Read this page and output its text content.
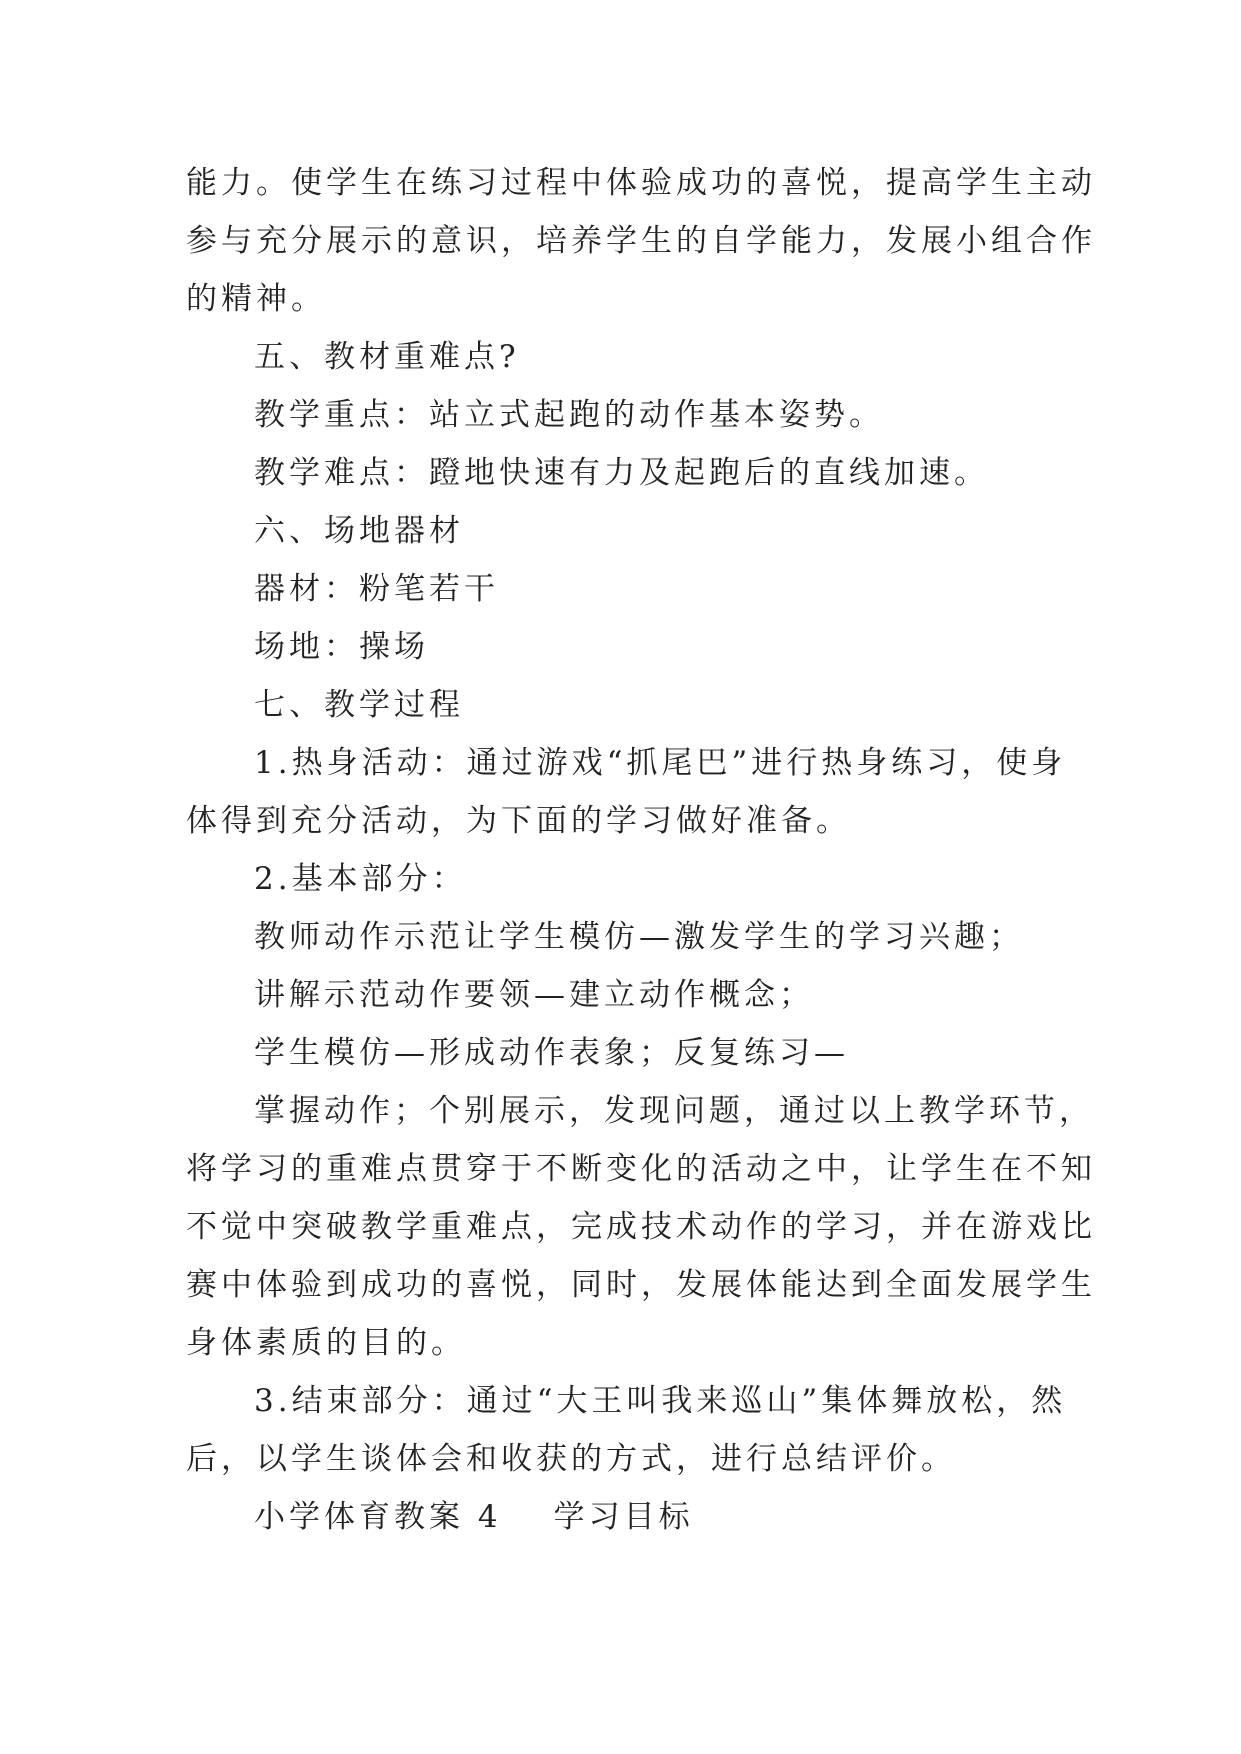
能力。使学生在练习过程中体验成功的喜悦，提高学生主动
参与充分展示的意识，培养学生的自学能力，发展小组合作
的精神。
五、教材重难点?
教学重点：站立式起跑的动作基本姿势。
教学难点：蹬地快速有力及起跑后的直线加速。
六、场地器材
器材：粉笔若干
场地：操场
七、教学过程
1.热身活动：通过游戏“抓尾巴”进行热身练习，使身
体得到充分活动，为下面的学习做好准备。
2.基本部分：
教师动作示范让学生模仿—激发学生的学习兴趣；
讲解示范动作要领—建立动作概念；
学生模仿—形成动作表象；反复练习—
掌握动作；个别展示，发现问题，通过以上教学环节，
将学习的重难点贯穿于不断变化的活动之中，让学生在不知
不觉中突破教学重难点，完成技术动作的学习，并在游戏比
赛中体验到成功的喜悦，同时，发展体能达到全面发展学生
身体素质的目的。
3.结束部分：通过“大王叫我来巡山”集体舞放松，然
后，以学生谈体会和收获的方式，进行总结评价。
小学体育教案 4 学习目标
